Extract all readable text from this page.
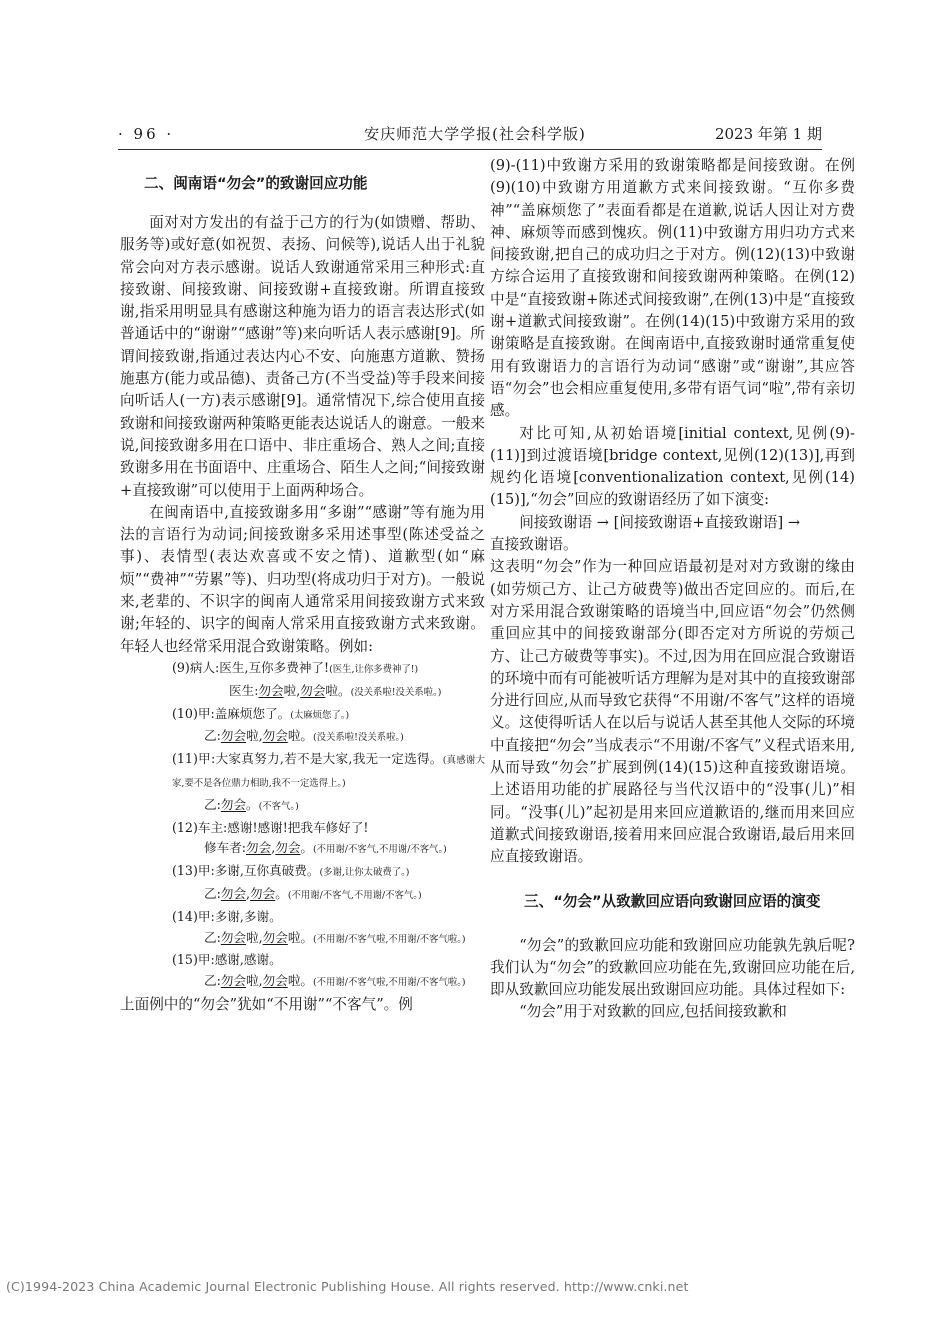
· 96 ·	安庆师范大学学报(社会科学版)	2023 年第 1 期
二、闽南语“勿会”的致谢回应功能

面对对方发出的有益于己方的行为(如馈赠、帮助、服务等)或好意(如祝贺、表扬、问候等),说话人出于礼貌常会向对方表示感谢。说话人致谢通常采用三种形式:直接致谢、间接致谢、间接致谢+直接致谢。所谓直接致谢,指采用明显具有感谢这种施为语力的语言表达形式(如普通话中的“谢谢”“感谢”等)来向听话人表示感谢[9]。所谓间接致谢,指通过表达内心不安、向施惠方道歉、赞扬施惠方(能力或品德)、责备己方(不当受益)等手段来间接向听话人(一方)表示感谢[9]。通常情况下,综合使用直接致谢和间接致谢两种策略更能表达说话人的谢意。一般来说,间接致谢多用在口语中、非庄重场合、熟人之间;直接致谢多用在书面语中、庄重场合、陌生人之间;“间接致谢+直接致谢”可以使用于上面两种场合。

在闽南语中,直接致谢多用“多谢”“感谢”等有施为用法的言语行为动词;间接致谢多采用述事型(陈述受益之事)、表情型(表达欢喜或不安之情)、道歉型(如“麻烦”“费神”“劳累”等)、归功型(将成功归于对方)。一般说来,老辈的、不识字的闽南人通常采用间接致谢方式来致谢;年轻的、识字的闽南人常采用直接致谢方式来致谢。年轻人也经常采用混合致谢策略。例如:

(9)病人:医生,互你多费神了!(医生,让你多费神了!)

医生:勿会啦,勿会啦。(没关系啦!没关系啦。)

(10)甲:盖麻烦您了。(太麻烦您了。)

乙:勿会啦,勿会啦。(没关系啦!没关系啦。)

(11)甲:大家真努力,若不是大家,我无一定选得。(真感谢大家,要不是各位鼎力相助,我不一定选得上。)

乙:勿会。(不客气。)

(12)车主:感谢!感谢!把我车修好了!

修车者:勿会,勿会。(不用谢/不客气,不用谢/不客气。)

(13)甲:多谢,互你真破费。(多谢,让你太破费了。)

乙:勿会,勿会。(不用谢/不客气,不用谢/不客气。)

(14)甲:多谢,多谢。

乙:勿会啦,勿会啦。(不用谢/不客气啦,不用谢/不客气啦。)

(15)甲:感谢,感谢。

乙:勿会啦,勿会啦。(不用谢/不客气啦,不用谢/不客气啦。)

上面例中的“勿会”犹如“不用谢”“不客气”。例

(9)-(11)中致谢方采用的致谢策略都是间接致谢。在例(9)(10)中致谢方用道歉方式来间接致谢。“互你多费神”“盖麻烦您了”表面看都是在道歉,说话人因让对方费神、麻烦等而感到愧疚。例(11)中致谢方用归功方式来间接致谢,把自己的成功归之于对方。例(12)(13)中致谢方综合运用了直接致谢和间接致谢两种策略。在例(12)中是“直接致谢+陈述式间接致谢”,在例(13)中是“直接致谢+道歉式间接致谢”。在例(14)(15)中致谢方采用的致谢策略是直接致谢。在闽南语中,直接致谢时通常重复使用有致谢语力的言语行为动词“感谢”或“谢谢”,其应答语“勿会”也会相应重复使用,多带有语气词“啦”,带有亲切感。

对比可知,从初始语境[initial context,见例(9)-(11)]到过渡语境[bridge context,见例(12)(13)],再到规约化语境[conventionalization context,见例(14)(15)],“勿会”回应的致谢语经历了如下演变:

间接致谢语 → [间接致谢语+直接致谢语] →

直接致谢语。

这表明“勿会”作为一种回应语最初是对对方致谢的缘由(如劳烦己方、让己方破费等)做出否定回应的。而后,在对方采用混合致谢策略的语境当中,回应语“勿会”仍然侧重回应其中的间接致谢部分(即否定对方所说的劳烦己方、让己方破费等事实)。不过,因为用在回应混合致谢语的环境中而有可能被听话方理解为是对其中的直接致谢部分进行回应,从而导致它获得“不用谢/不客气”这样的语境义。这使得听话人在以后与说话人甚至其他人交际的环境中直接把“勿会”当成表示“不用谢/不客气”义程式语来用,从而导致“勿会”扩展到例(14)(15)这种直接致谢语境。上述语用功能的扩展路径与当代汉语中的“没事(儿)”相同。“没事(儿)”起初是用来回应道歉语的,继而用来回应道歉式间接致谢语,接着用来回应混合致谢语,最后用来回应直接致谢语。

三、“勿会”从致歉回应语向致谢回应语的演变

“勿会”的致歉回应功能和致谢回应功能孰先孰后呢?我们认为“勿会”的致歉回应功能在先,致谢回应功能在后,即从致歉回应功能发展出致谢回应功能。具体过程如下:

“勿会”用于对致歉的回应,包括间接致歉和

(C)1994-2023 China Academic Journal Electronic Publishing House. All rights reserved. http://www.cnki.net
